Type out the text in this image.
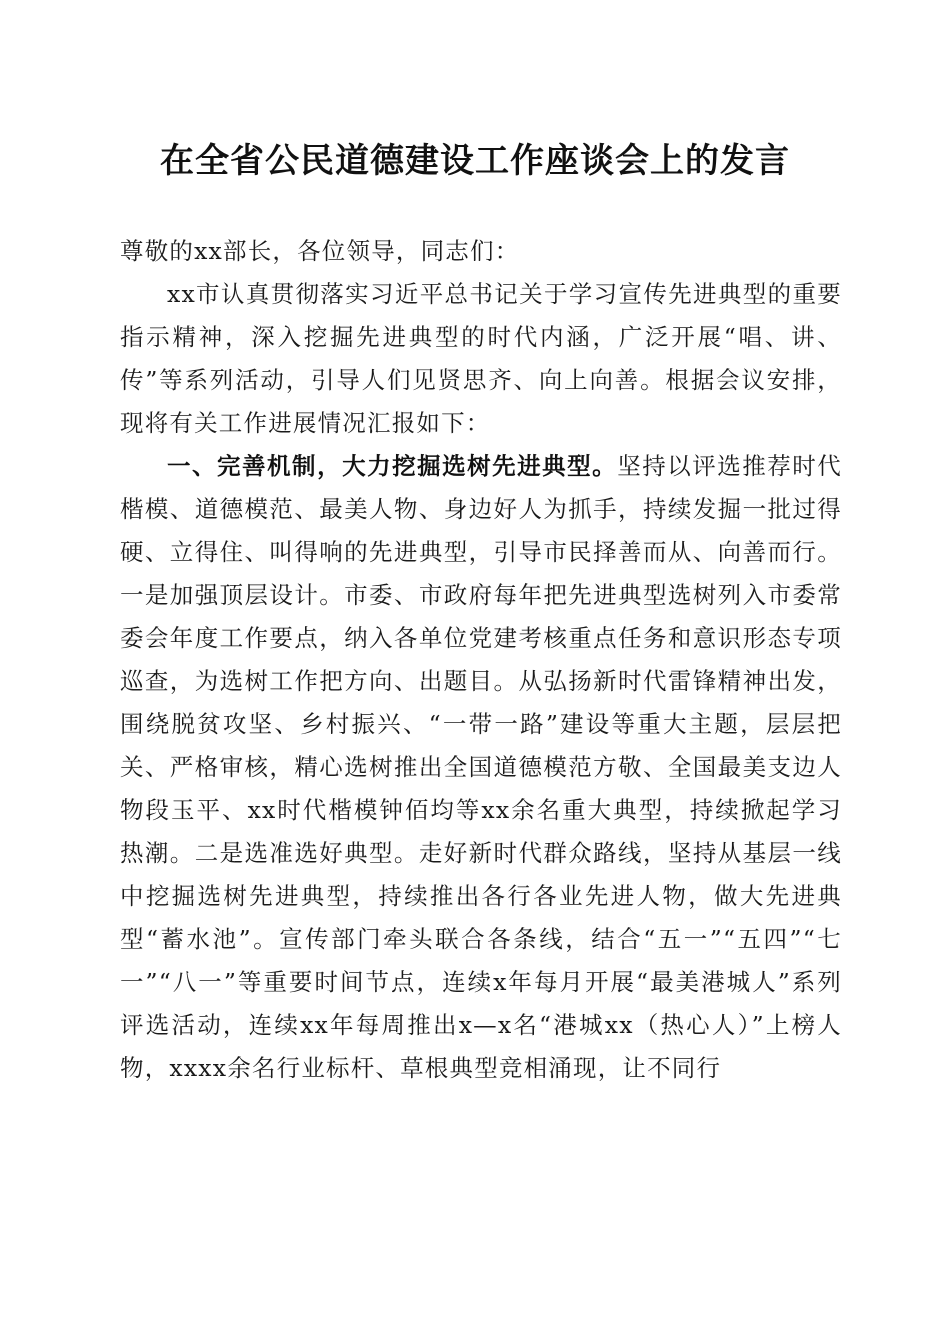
在全省公民道德建设工作座谈会上的发言

尊敬的xx部长，各位领导，同志们：

xx市认真贯彻落实习近平总书记关于学习宣传先进典型的重要指示精神，深入挖掘先进典型的时代内涵，广泛开展“唱、讲、传”等系列活动，引导人们见贤思齐、向上向善。根据会议安排，现将有关工作进展情况汇报如下：

一、完善机制，大力挖掘选树先进典型。坚持以评选推荐时代楷模、道德模范、最美人物、身边好人为抓手，持续发掘一批过得硬、立得住、叫得响的先进典型，引导市民择善而从、向善而行。一是加强顶层设计。市委、市政府每年把先进典型选树列入市委常委会年度工作要点，纳入各单位党建考核重点任务和意识形态专项巡查，为选树工作把方向、出题目。从弘扬新时代雷锋精神出发，围绕脱贫攻坚、乡村振兴、“一带一路”建设等重大主题，层层把关、严格审核，精心选树推出全国道德模范方敬、全国最美支边人物段玉平、xx时代楷模钟佰均等xx余名重大典型，持续掀起学习热潮。二是选准选好典型。走好新时代群众路线，坚持从基层一线中挖掘选树先进典型，持续推出各行各业先进人物，做大先进典型“蓄水池”。宣传部门牵头联合各条线，结合“五一”“五四”“七一”“八一”等重要时间节点，连续x年每月开展“最美港城人”系列评选活动，连续xx年每周推出x—x名“港城xx（热心人）”上榜人物，xxxx余名行业标杆、草根典型竞相涌现，让不同行
